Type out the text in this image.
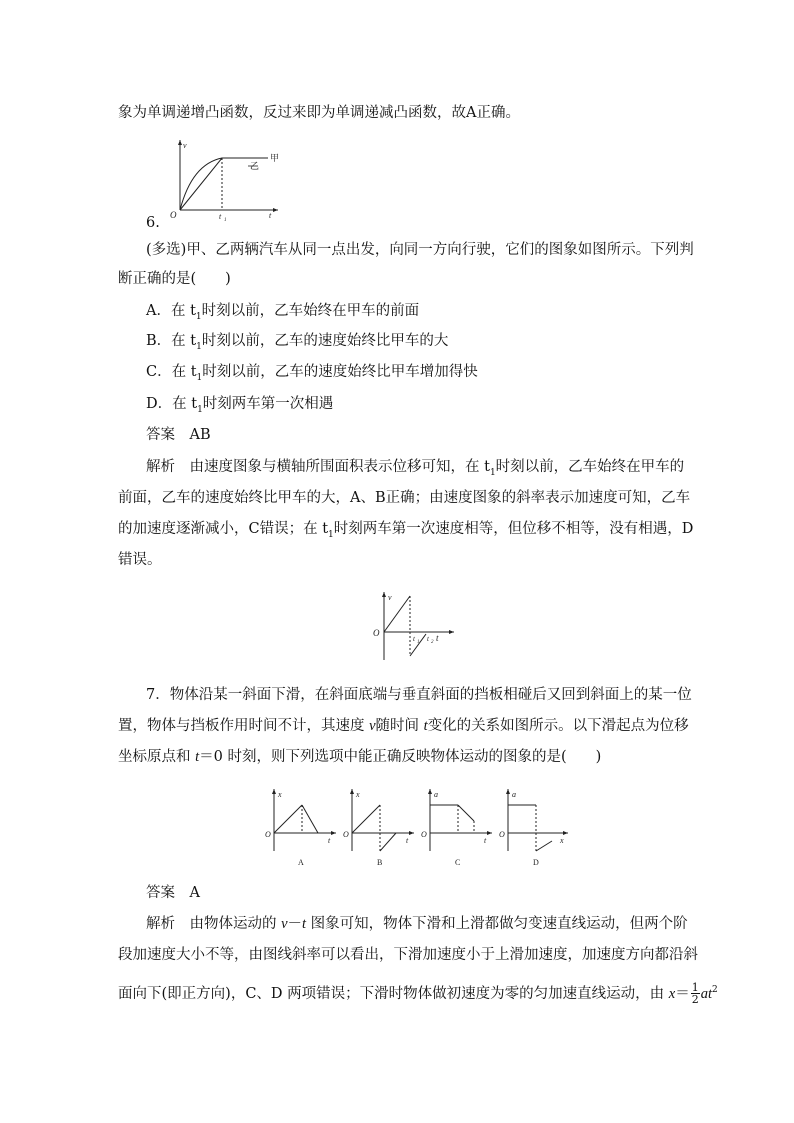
象为单调递增凸函数，反过来即为单调递减凸函数，故A正确。
v
O	t
t 1
甲
乙
6.
(多选)甲、乙两辆汽车从同一点出发，向同一方向行驶，它们的图象如图所示。下列判
断正确的是(　　)
A．在 $t_1$时刻以前，乙车始终在甲车的前面
B．在 $t_1$时刻以前，乙车的速度始终比甲车的大
C．在 $t_1$时刻以前，乙车的速度始终比甲车增加得快
D．在 $t_1$时刻两车第一次相遇
答案　 AB
解析　 由速度图象与横轴所围面积表示位移可知，在 $t_1$时刻以前，乙车始终在甲车的
前面，乙车的速度始终比甲车的大，A、B正确；由速度图象的斜率表示加速度可知，乙车
的加速度逐渐减小，C错误；在 $t_1$时刻两车第一次速度相等，但位移不相等，没有相遇，D
错误。
v
O
t 1 t 2 t
7．物体沿某一斜面下滑，在斜面底端与垂直斜面的挡板相碰后又回到斜面上的某一位
置，物体与挡板作用时间不计，其速度 v随时间 t变化的关系如图所示。以下滑起点为位移
坐标原点和 t＝0 时刻，则下列选项中能正确反映物体运动的图象的是(　　)
x
O
t
A
x
O
t
B
a
O
t
C
a
O
x
D
答案　 A
解析　 由物体运动的 v－t 图象可知，物体下滑和上滑都做匀变速直线运动，但两个阶
段加速度大小不等，由图线斜率可以看出，下滑加速度小于上滑加速度，加速度方向都沿斜
面向下(即正方向)，C、D 两项错误；下滑时物体做初速度为零的匀加速直线运动，由 $x= \frac{1}{2} at^2$
